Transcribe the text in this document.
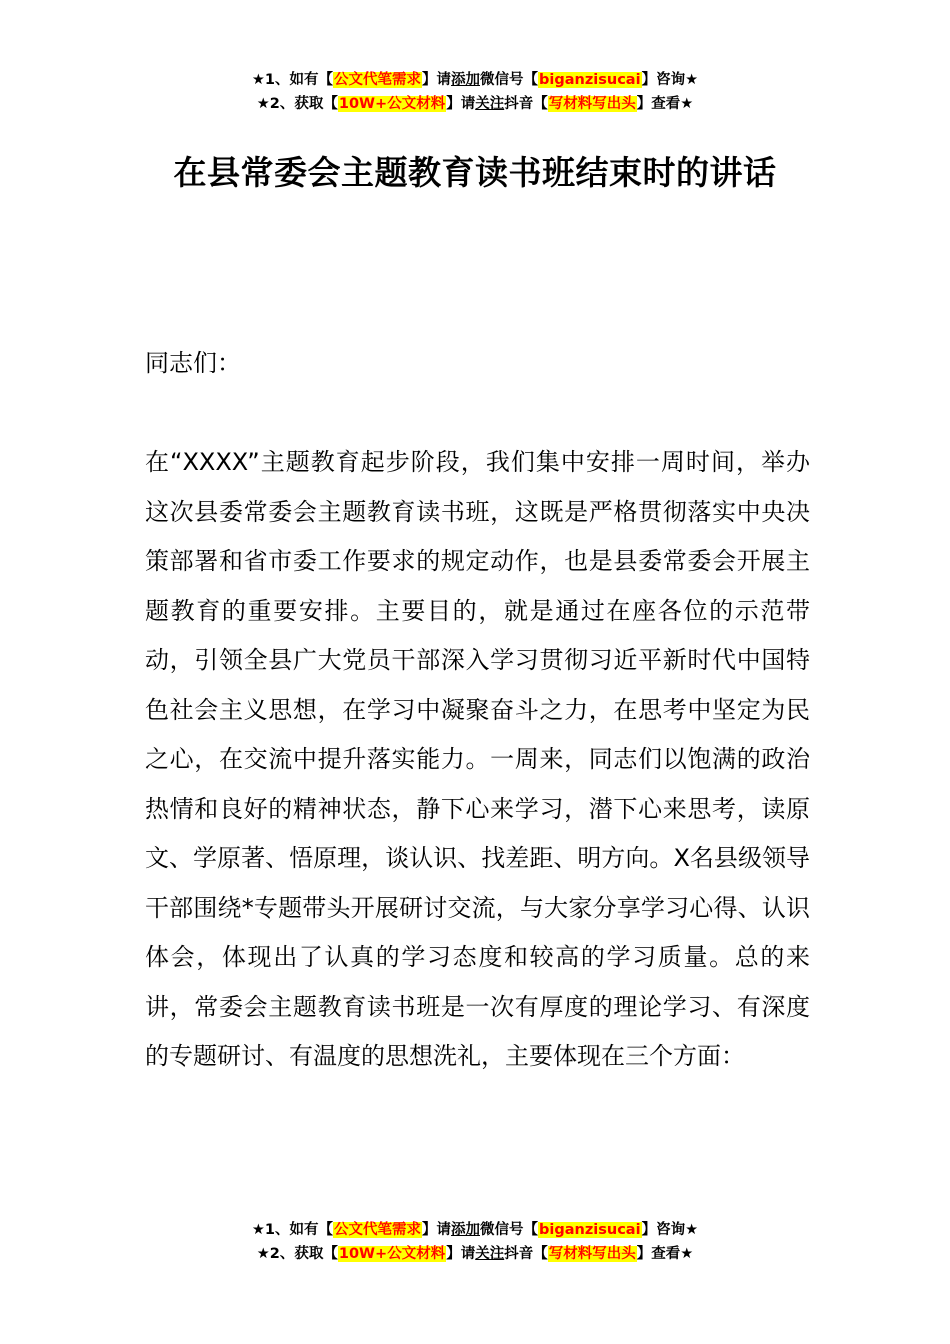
★1、如有【公文代笔需求】请添加微信号【biganzisucai】咨询★
★2、获取【10W+公文材料】请关注抖音【写材料写出头】查看★
在县常委会主题教育读书班结束时的讲话
同志们：
在“XXXX”主题教育起步阶段，我们集中安排一周时间，举办这次县委常委会主题教育读书班，这既是严格贯彻落实中央决策部署和省市委工作要求的规定动作，也是县委常委会开展主题教育的重要安排。主要目的，就是通过在座各位的示范带动，引领全县广大党员干部深入学习贯彻习近平新时代中国特色社会主义思想，在学习中凝聚奋斗之力，在思考中坚定为民之心，在交流中提升落实能力。一周来，同志们以饱满的政治热情和良好的精神状态，静下心来学习，潜下心来思考，读原文、学原著、悟原理，谈认识、找差距、明方向。X名县级领导干部围绕*专题带头开展研讨交流，与大家分享学习心得、认识体会，体现出了认真的学习态度和较高的学习质量。总的来讲，常委会主题教育读书班是一次有厚度的理论学习、有深度的专题研讨、有温度的思想洗礼，主要体现在三个方面：
★1、如有【公文代笔需求】请添加微信号【biganzisucai】咨询★
★2、获取【10W+公文材料】请关注抖音【写材料写出头】查看★
